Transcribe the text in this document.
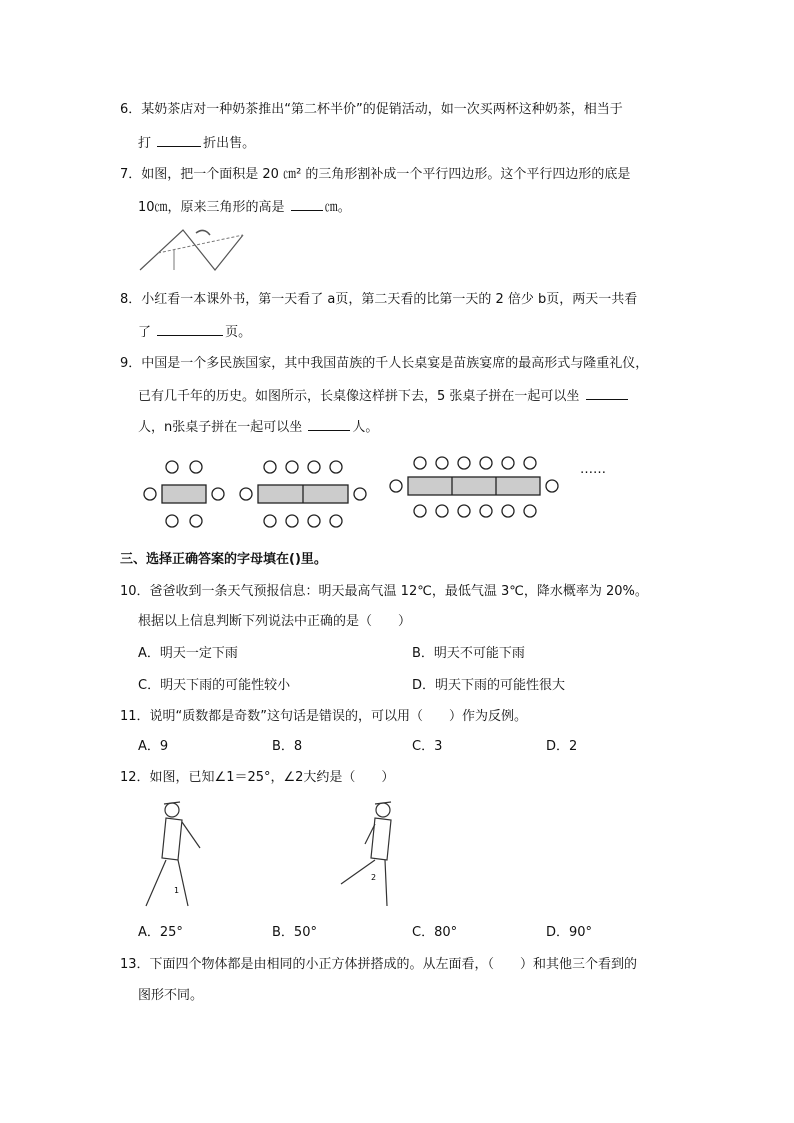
6．某奶茶店对一种奶茶推出“第二杯半价”的促销活动，如一次买两杯这种奶茶，相当于
打	折出售。
7．如图，把一个面积是 20 ㎝² 的三角形割补成一个平行四边形。这个平行四边形的底是
10㎝，原来三角形的高是	㎝。
8．小红看一本课外书，第一天看了 a页，第二天看的比第一天的 2 倍少 b页，两天一共看
了	页。
9．中国是一个多民族国家，其中我国苗族的千人长桌宴是苗族宴席的最高形式与隆重礼仪，
已有几千年的历史。如图所示，长桌像这样拼下去，5 张桌子拼在一起可以坐
人，n张桌子拼在一起可以坐	人。
……
三、选择正确答案的字母填在()里。
10．爸爸收到一条天气预报信息：明天最高气温 12℃，最低气温 3℃，降水概率为 20%。
根据以上信息判断下列说法中正确的是（　　）
A．明天一定下雨	B．明天不可能下雨
C．明天下雨的可能性较小	D．明天下雨的可能性很大
11．说明“质数都是奇数”这句话是错误的，可以用（　　）作为反例。
A．9	B．8	C．3	D．2
12．如图，已知∠1＝25°，∠2大约是（　　）
1
2
A．25°	B．50°	C．80°	D．90°
13．下面四个物体都是由相同的小正方体拼搭成的。从左面看，（　　）和其他三个看到的
图形不同。
